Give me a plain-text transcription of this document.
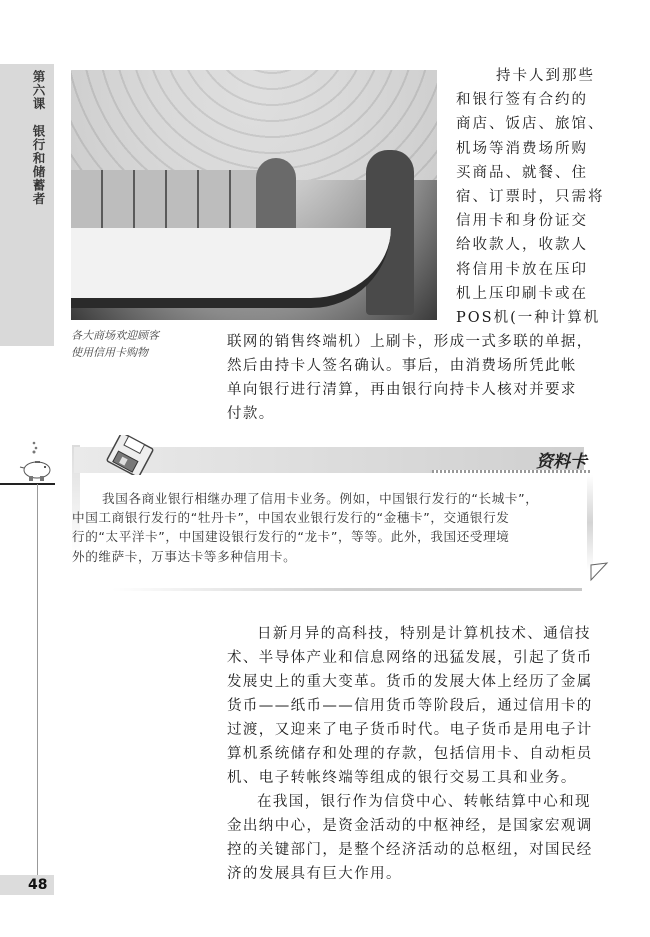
第六课银行和储蓄者
各大商场欢迎顾客
使用信用卡购物

持卡人到那些

和银行签有合约的

商店、饭店、旅馆、

机场等消费场所购

买商品、就餐、住

宿、订票时，只需将

信用卡和身份证交

给收款人，收款人

将信用卡放在压印

机上压印刷卡或在

POS机(一种计算机

联网的销售终端机）上刷卡，形成一式多联的单据，

然后由持卡人签名确认。事后，由消费场所凭此帐

单向银行进行清算，再由银行向持卡人核对并要求

付款。

资料卡

我国各商业银行相继办理了信用卡业务。例如，中国银行发行的“长城卡”，

中国工商银行发行的“牡丹卡”，中国农业银行发行的“金穗卡”，交通银行发

行的“太平洋卡”，中国建设银行发行的“龙卡”，等等。此外，我国还受理境

外的维萨卡，万事达卡等多种信用卡。

日新月异的高科技，特别是计算机技术、通信技

术、半导体产业和信息网络的迅猛发展，引起了货币

发展史上的重大变革。货币的发展大体上经历了金属

货币——纸币——信用货币等阶段后，通过信用卡的

过渡，又迎来了电子货币时代。电子货币是用电子计

算机系统储存和处理的存款，包括信用卡、自动柜员

机、电子转帐终端等组成的银行交易工具和业务。

在我国，银行作为信贷中心、转帐结算中心和现

金出纳中心，是资金活动的中枢神经，是国家宏观调

控的关键部门，是整个经济活动的总枢纽，对国民经

济的发展具有巨大作用。

48
